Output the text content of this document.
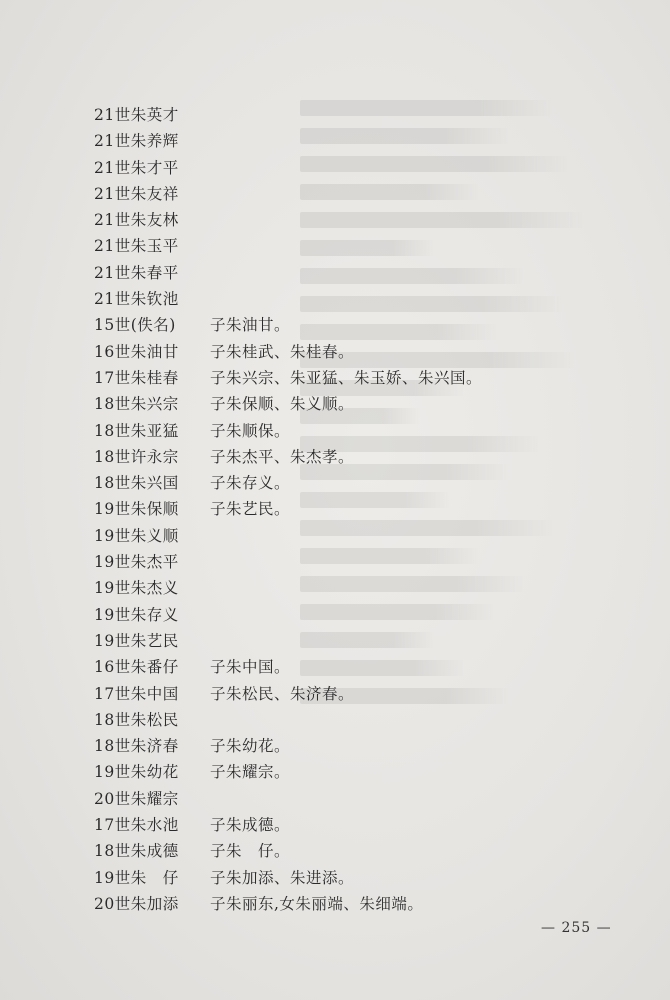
21世朱英才
21世朱养辉
21世朱才平
21世朱友祥
21世朱友林
21世朱玉平
21世朱春平
21世朱钦池
15世(佚名) 子朱油甘。
16世朱油甘 子朱桂武、朱桂春。
17世朱桂春 子朱兴宗、朱亚猛、朱玉娇、朱兴国。
18世朱兴宗 子朱保顺、朱义顺。
18世朱亚猛 子朱顺保。
18世许永宗 子朱杰平、朱杰孝。
18世朱兴国 子朱存义。
19世朱保顺 子朱艺民。
19世朱义顺
19世朱杰平
19世朱杰义
19世朱存义
19世朱艺民
16世朱番仔 子朱中国。
17世朱中国 子朱松民、朱济春。
18世朱松民
18世朱济春 子朱幼花。
19世朱幼花 子朱耀宗。
20世朱耀宗
17世朱水池 子朱成德。
18世朱成德 子朱　仔。
19世朱　仔 子朱加添、朱进添。
20世朱加添 子朱丽东,女朱丽端、朱细端。
— 255 —
